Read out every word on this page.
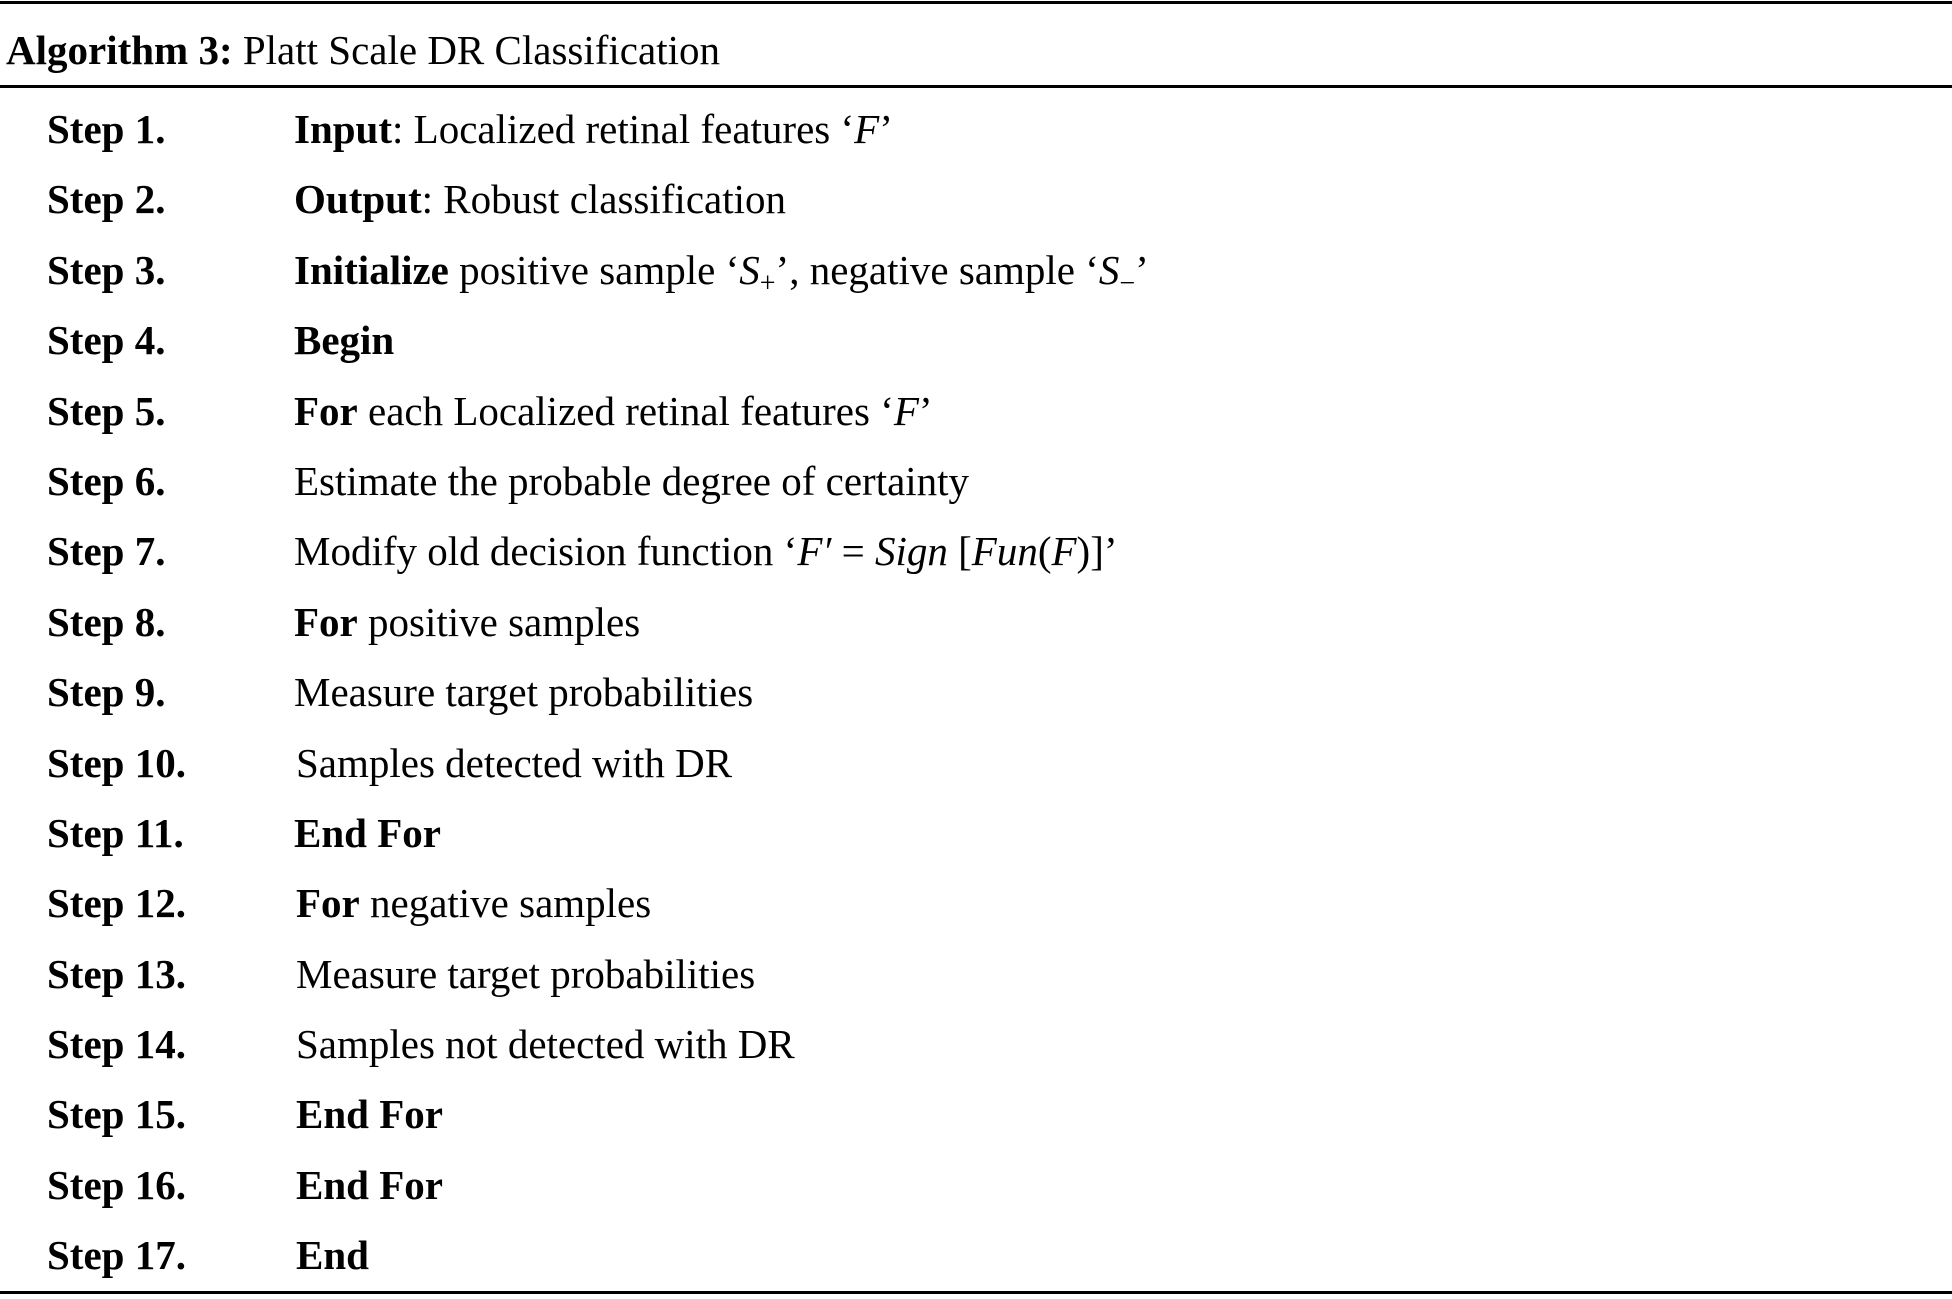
Algorithm 3: Platt Scale DR Classification
Step 1.	Input: Localized retinal features ‘F’
Step 2.	Output: Robust classification
Step 3.	Initialize positive sample ‘S+’, negative sample ‘S−’
Step 4.	Begin
Step 5.	For each Localized retinal features ‘F’
Step 6.	Estimate the probable degree of certainty
Step 7.	Modify old decision function ‘F′ = Sign [Fun(F)]’
Step 8.	For positive samples
Step 9.	Measure target probabilities
Step 10.	Samples detected with DR
Step 11.	End For
Step 12.	For negative samples
Step 13.	Measure target probabilities
Step 14.	Samples not detected with DR
Step 15.	End For
Step 16.	End For
Step 17.	End
